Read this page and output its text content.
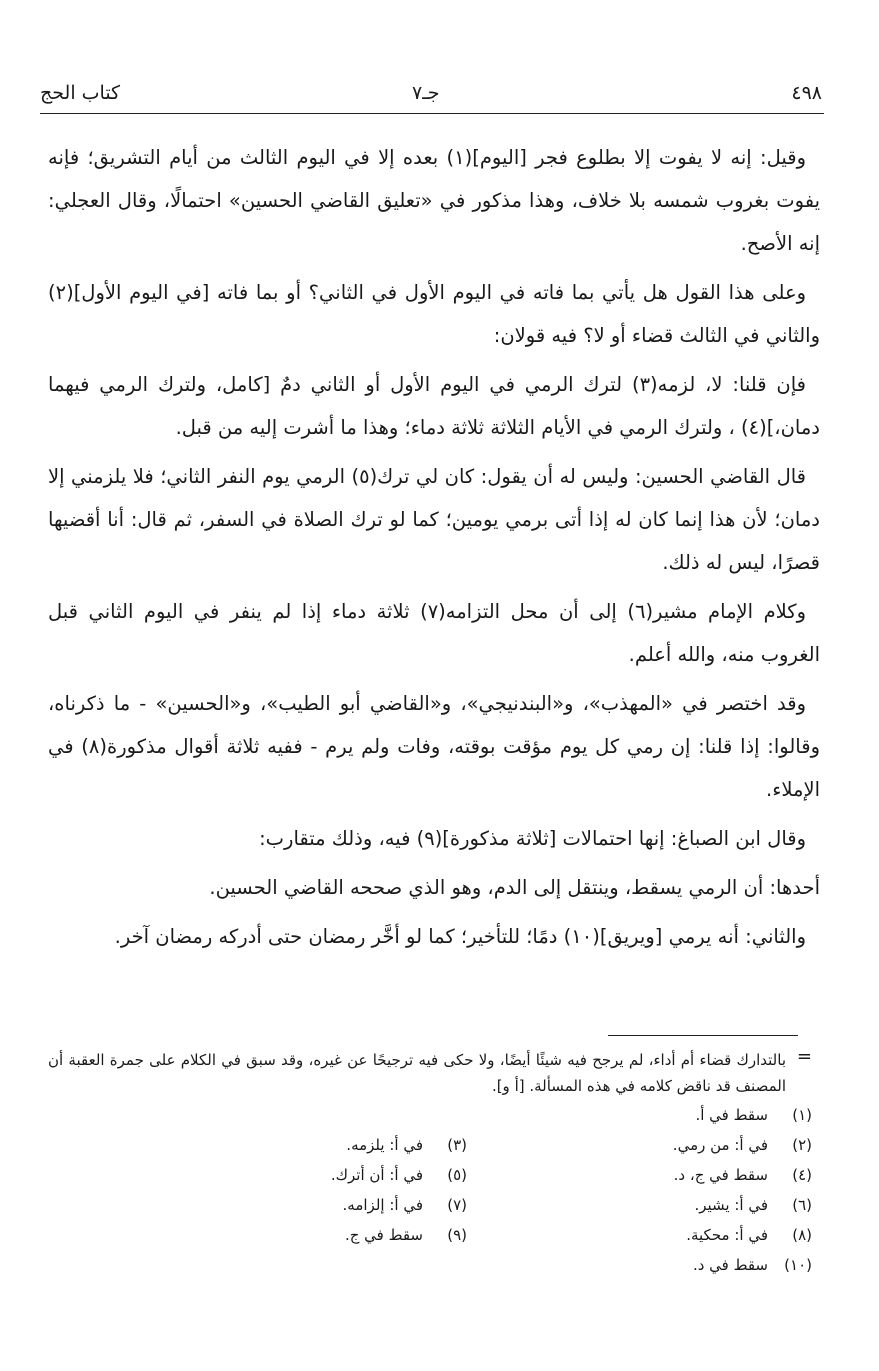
٤٩٨
جـ٧
كتاب الحج

وقيل: إنه لا يفوت إلا بطلوع فجر [اليوم](١) بعده إلا في اليوم الثالث من أيام التشريق؛ فإنه يفوت بغروب شمسه بلا خلاف، وهذا مذكور في «تعليق القاضي الحسين» احتمالًا، وقال العجلي: إنه الأصح.

وعلى هذا القول هل يأتي بما فاته في اليوم الأول في الثاني؟ أو بما فاته [في اليوم الأول](٢) والثاني في الثالث قضاء أو لا؟ فيه قولان:

فإن قلنا: لا، لزمه(٣) لترك الرمي في اليوم الأول أو الثاني دمٌ [كامل، ولترك الرمي فيهما دمان،](٤) ، ولترك الرمي في الأيام الثلاثة ثلاثة دماء؛ وهذا ما أشرت إليه من قبل.

قال القاضي الحسين: وليس له أن يقول: كان لي ترك(٥) الرمي يوم النفر الثاني؛ فلا يلزمني إلا دمان؛ لأن هذا إنما كان له إذا أتى برمي يومين؛ كما لو ترك الصلاة في السفر، ثم قال: أنا أقضيها قصرًا، ليس له ذلك.

وكلام الإمام مشير(٦) إلى أن محل التزامه(٧) ثلاثة دماء إذا لم ينفر في اليوم الثاني قبل الغروب منه، والله أعلم.

وقد اختصر في «المهذب»، و«البندنيجي»، و«القاضي أبو الطيب»، و«الحسين» - ما ذكرناه، وقالوا: إذا قلنا: إن رمي كل يوم مؤقت بوقته، وفات ولم يرم - ففيه ثلاثة أقوال مذكورة(٨) في الإملاء.

وقال ابن الصباغ: إنها احتمالات [ثلاثة مذكورة](٩) فيه، وذلك متقارب:

أحدها: أن الرمي يسقط، وينتقل إلى الدم، وهو الذي صححه القاضي الحسين.

والثاني: أنه يرمي [ويريق](١٠) دمًا؛ للتأخير؛ كما لو أخَّر رمضان حتى أدركه رمضان آخر.

=
بالتدارك قضاء أم أداء، لم يرجح فيه شيئًا أيضًا، ولا حكى فيه ترجيحًا عن غيره، وقد سبق في الكلام على جمرة العقبة أن المصنف قد ناقض كلامه في هذه المسألة. [أ و].
(١)سقط في أ.
(٢)في أ: من رمي.
(٣)في أ: يلزمه.
(٤)سقط في ج، د.
(٥)في أ: أن أترك.
(٦)في أ: يشير.
(٧)في أ: إلزامه.
(٨)في أ: محكية.
(٩)سقط في ج.
(١٠)سقط في د.
